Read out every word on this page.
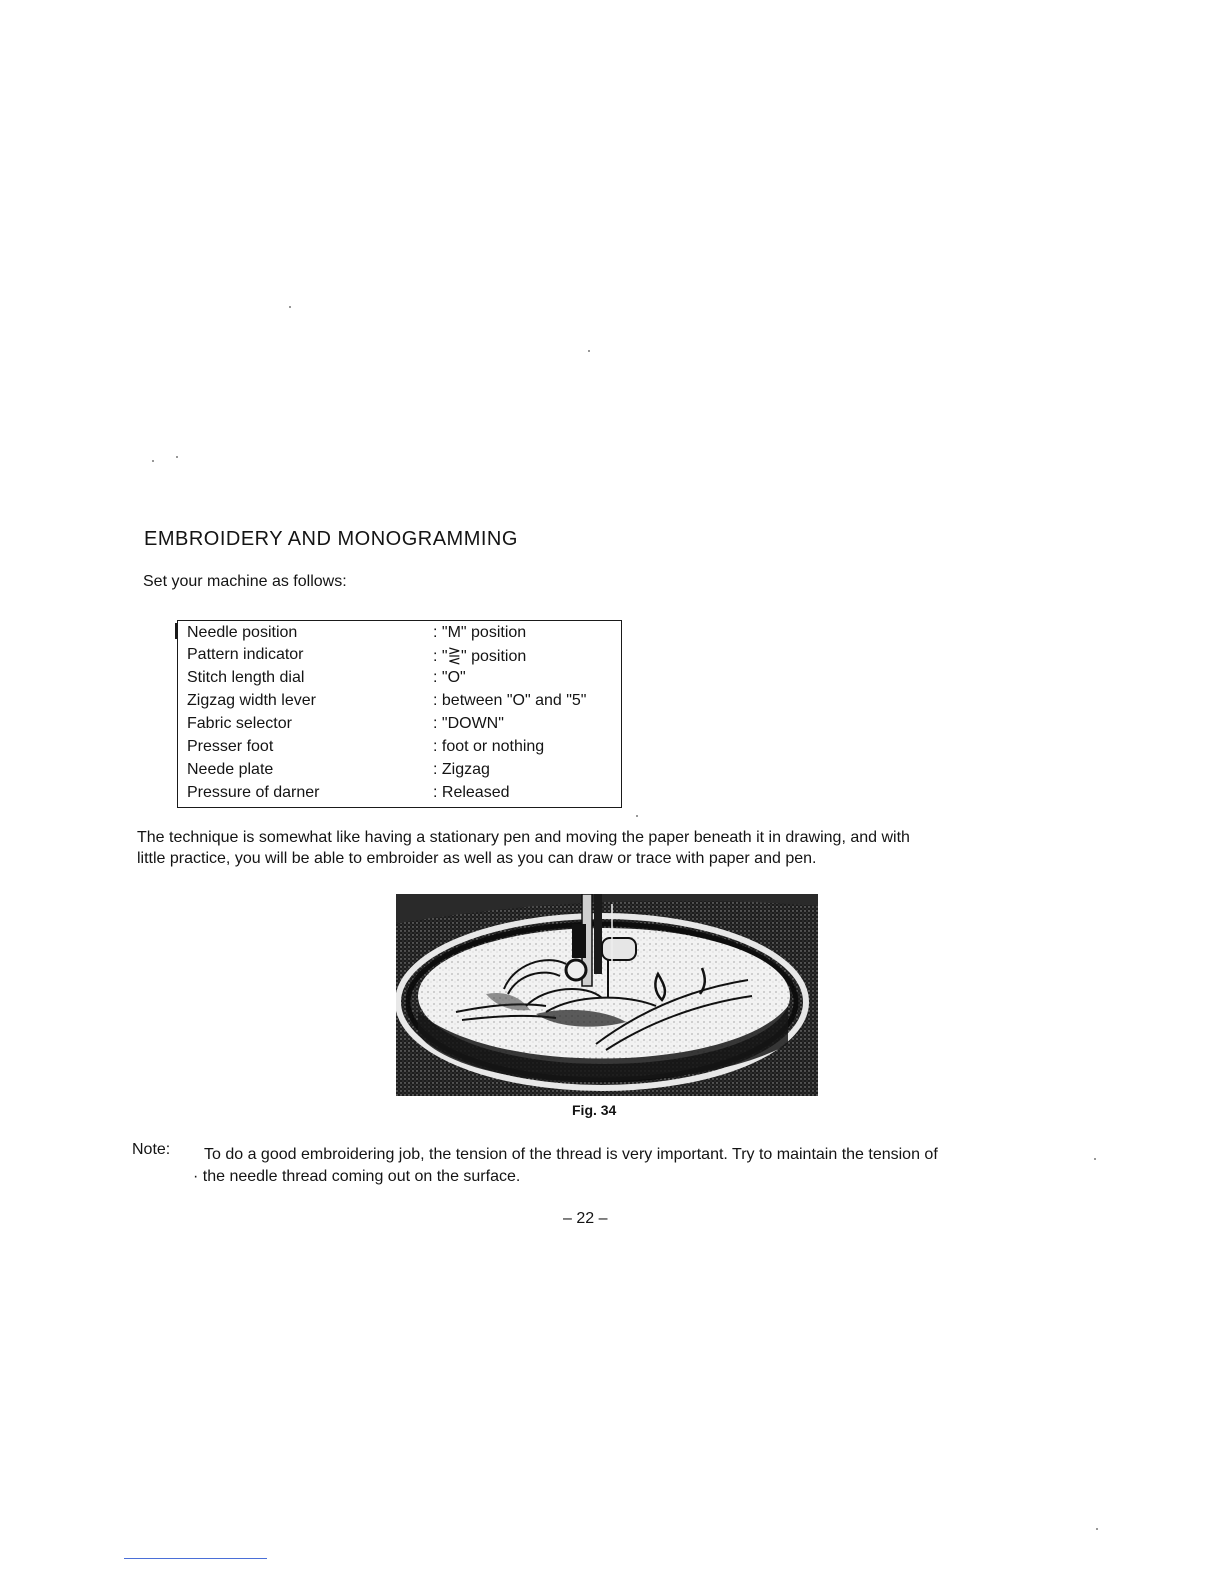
EMBROIDERY AND MONOGRAMMING
Set your machine as follows:
Needle position	: "M" position
Pattern indicator	: "⋛" position
Stitch length dial	: "O"
Zigzag width lever	: between "O" and "5"
Fabric selector	: "DOWN"
Presser foot	: foot or nothing
Neede plate	: Zigzag
Pressure of darner	: Released
The technique is somewhat like having a stationary pen and moving the paper beneath it in drawing, and with
little practice, you will be able to embroider as well as you can draw or trace with paper and pen.
Fig. 34
Note: To do a good embroidering job, the tension of the thread is very important. Try to maintain the tension of
· the needle thread coming out on the surface.
– 22 –
